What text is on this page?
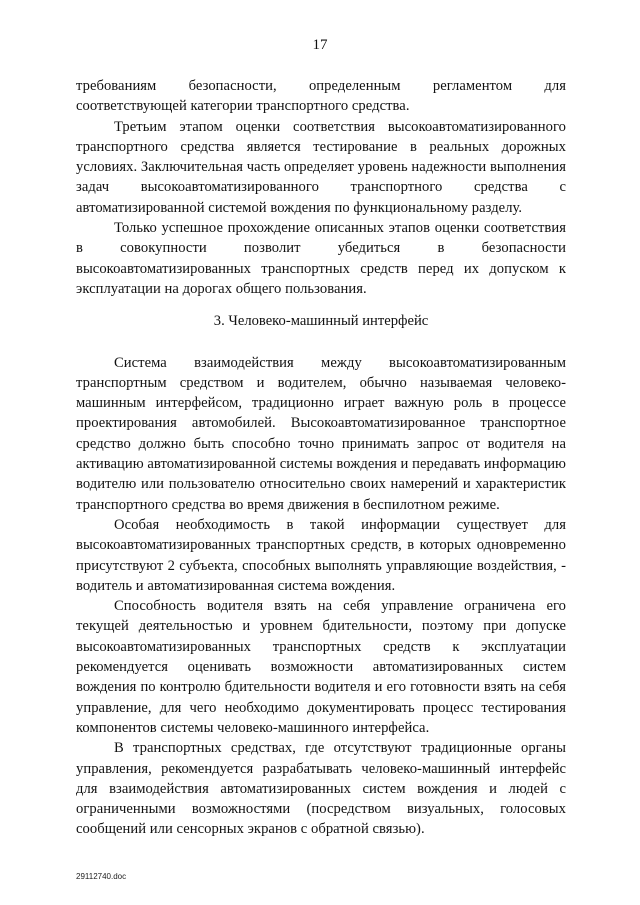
17

требованиям безопасности, определенным регламентом для соответствующей категории транспортного средства.

Третьим этапом оценки соответствия высокоавтоматизированного транспортного средства является тестирование в реальных дорожных условиях. Заключительная часть определяет уровень надежности выполнения задач высокоавтоматизированного транспортного средства с автоматизированной системой вождения по функциональному разделу.

Только успешное прохождение описанных этапов оценки соответствия в совокупности позволит убедиться в безопасности высокоавтоматизированных транспортных средств перед их допуском к эксплуатации на дорогах общего пользования.

3. Человеко-машинный интерфейс

Система взаимодействия между высокоавтоматизированным транспортным средством и водителем, обычно называемая человеко-машинным интерфейсом, традиционно играет важную роль в процессе проектирования автомобилей. Высокоавтоматизированное транспортное средство должно быть способно точно принимать запрос от водителя на активацию автоматизированной системы вождения и передавать информацию водителю или пользователю относительно своих намерений и характеристик транспортного средства во время движения в беспилотном режиме.

Особая необходимость в такой информации существует для высокоавтоматизированных транспортных средств, в которых одновременно присутствуют 2 субъекта, способных выполнять управляющие воздействия, - водитель и автоматизированная система вождения.

Способность водителя взять на себя управление ограничена его текущей деятельностью и уровнем бдительности, поэтому при допуске высокоавтоматизированных транспортных средств к эксплуатации рекомендуется оценивать возможности автоматизированных систем вождения по контролю бдительности водителя и его готовности взять на себя управление, для чего необходимо документировать процесс тестирования компонентов системы человеко-машинного интерфейса.

В транспортных средствах, где отсутствуют традиционные органы управления, рекомендуется разрабатывать человеко-машинный интерфейс для взаимодействия автоматизированных систем вождения и людей с ограниченными возможностями (посредством визуальных, голосовых сообщений или сенсорных экранов с обратной связью).

29112740.doc
